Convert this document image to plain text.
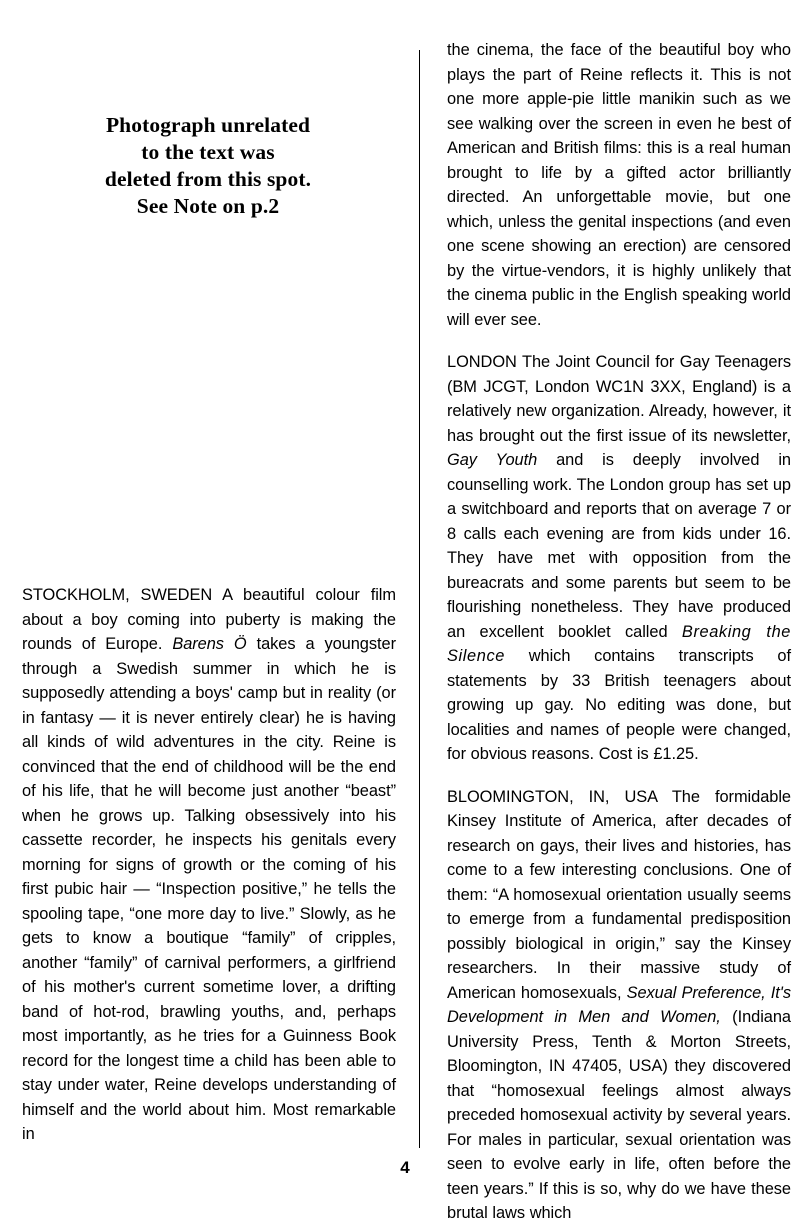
Photograph unrelated
to the text was
deleted from this spot.
See Note on p.2

STOCKHOLM, SWEDEN A beautiful colour film about a boy coming into puberty is making the rounds of Europe. Barens Ö takes a youngster through a Swedish summer in which he is supposedly attending a boys' camp but in reality (or in fantasy — it is never entirely clear) he is having all kinds of wild adventures in the city. Reine is convinced that the end of childhood will be the end of his life, that he will become just another “beast” when he grows up. Talking obsessively into his cassette recorder, he inspects his genitals every morning for signs of growth or the coming of his first pubic hair — “Inspection positive,” he tells the spooling tape, “one more day to live.” Slowly, as he gets to know a boutique “family” of cripples, another “family” of carnival performers, a girlfriend of his mother's current sometime lover, a drifting band of hot-rod, brawling youths, and, perhaps most importantly, as he tries for a Guinness Book record for the longest time a child has been able to stay under water, Reine develops understanding of himself and the world about him. Most remarkable in

the cinema, the face of the beautiful boy who plays the part of Reine reflects it. This is not one more apple-pie little manikin such as we see walking over the screen in even he best of American and British films: this is a real human brought to life by a gifted actor brilliantly directed. An unforgettable movie, but one which, unless the genital inspections (and even one scene showing an erection) are censored by the virtue-vendors, it is highly unlikely that the cinema public in the English speaking world will ever see.

LONDON The Joint Council for Gay Teenagers (BM JCGT, London WC1N 3XX, England) is a relatively new organization. Already, however, it has brought out the first issue of its newsletter, Gay Youth and is deeply involved in counselling work. The London group has set up a switchboard and reports that on average 7 or 8 calls each evening are from kids under 16. They have met with opposition from the bureacrats and some parents but seem to be flourishing nonetheless. They have produced an excellent booklet called Breaking the Silence which contains transcripts of statements by 33 British teenagers about growing up gay. No editing was done, but localities and names of people were changed, for obvious reasons. Cost is £1.25.

BLOOMINGTON, IN, USA The formidable Kinsey Institute of America, after decades of research on gays, their lives and histories, has come to a few interesting conclusions. One of them: “A homosexual orientation usually seems to emerge from a fundamental predisposition possibly biological in origin,” say the Kinsey researchers. In their massive study of American homosexuals, Sexual Preference, It's Development in Men and Women, (Indiana University Press, Tenth & Morton Streets, Bloomington, IN 47405, USA) they discovered that “homosexual feelings almost always preceded homosexual activity by several years. For males in particular, sexual orientation was seen to evolve early in life, often before the teen years.” If this is so, why do we have these brutal laws which

4
